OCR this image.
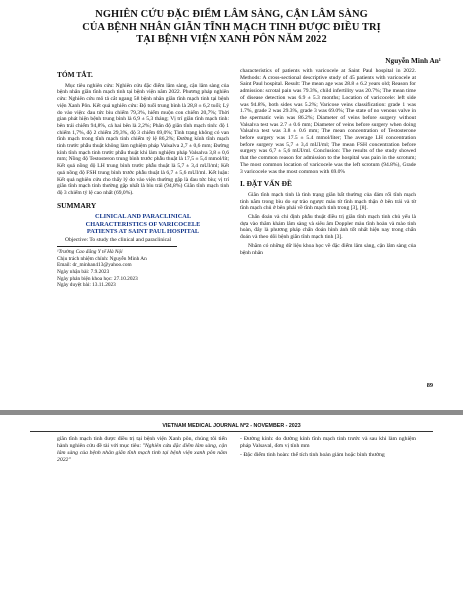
NGHIÊN CỨU ĐẶC ĐIỂM LÂM SÀNG, CẬN LÂM SÀNG
CỦA BỆNH NHÂN GIÃN TĨNH MẠCH TINH ĐƯỢC ĐIỀU TRỊ
TẠI BỆNH VIỆN XANH PÔN NĂM 2022
Nguyễn Minh An¹
TÓM TẮT.

Mục tiêu nghiên cứu: Nghiên cứu đặc điểm lâm sàng, cận lâm sàng của bệnh nhân giãn tĩnh mạch tinh tại bệnh viện năm 2022. Phương pháp nghiên cứu: Nghiên cứu mô tả cắt ngang 58 bệnh nhân giãn tĩnh mạch tinh tại bệnh viện Xanh Pôn. Kết quả nghiên cứu: Độ tuổi trung bình là 28,8 ± 6,2 tuổi; Lý do vào viện: đau tức bìu chiếm 79,3%, hiếm muộn con chiếm 20,7%; Thời gian phát hiện bệnh trung bình là 6,9 ± 5,3 tháng; Vị trí giãn tĩnh mạch tinh: bên trái chiếm 94,8%, cả hai bên là 2,2%; Phân độ giãn tĩnh mạch tinh: độ 1 chiếm 1,7%, độ 2 chiếm 29,3%, độ 3 chiếm 69,0%; Tình trạng không có van tĩnh mạch trong tĩnh mạch tinh chiếm tỷ lệ 86,2%; Đường kính tĩnh mạch tinh trước phẫu thuật không làm nghiệm pháp Valsalva 2,7 ± 0,6 mm; Đường kính tĩnh mạch tinh trước phẫu thuật khi làm nghiệm pháp Valsalva 3,8 ± 0,6 mm; Nồng độ Testosteron trung bình trước phẫu thuật là 17,5 ± 5,4 mmol/lít; Kết quả nồng độ LH trung bình trước phẫu thuật là 5,7 ± 3,4 mUI/ml; Kết quả nồng độ FSH trung bình trước phẫu thuật là 6,7 ± 5,6 mUI/ml. Kết luận: Kết quả nghiên cứu cho thấy lý do vào viện thường gặp là đau tức bìu; vị trí giãn tĩnh mạch tinh thường gặp nhất là bìu trái (94,8%) Giãn tĩnh mạch tinh độ 3 chiếm tỷ lệ cao nhất (69,0%).

SUMMARY
CLINICAL AND PARACLINICAL
CHARACTERISTICS OF VARICOCELE
PATIENTS AT SAINT PAUL HOSPITAL

Objective: To study the clinical and paraclinical

¹Trường Cao đẳng Y tế Hà Nội
Chịu trách nhiệm chính: Nguyễn Minh An
Email: dr_minhan413@yahoo.com
Ngày nhận bài: 7.9.2023
Ngày phản biện khoa học: 27.10.2023
Ngày duyệt bài: 13.11.2023

characteristics of patients with varicocele at Saint Paul hospital in 2022. Methods: A cross-sectional descriptive study of 45 patients with varicocele at Saint Paul hospital. Result: The mean age was 28.8 ± 6.2 years old; Reason for admission: scrotal pain was 79.3%, child infertility was 20.7%; The mean time of disease detection was 6.9 ± 5.3 months; Location of varicocele: left side was 94.8%, both sides was 5.2%; Varicose veins classification: grade 1 was 1.7%, grade 2 was 29.3%, grade 3 was 69.0%; The state of no venous valve in the spermatic vein was 86.2%; Diameter of veins before surgery without Valsalva test was 2.7 ± 0.6 mm; Diameter of veins before surgery when doing Valsalva test was 3.8 ± 0.6 mm; The mean concentration of Testosterone before surgery was 17.5 ± 5.4 mmol/liter; The average LH concentration before surgery was 5,7 ± 3,4 mUI/ml; The mean FSH concentration before surgery was 6,7 ± 5,6 mUI/ml. Conclusion: The results of the study showed that the common reason for admission to the hospital was pain in the scrotum; The most common location of varicocele was the left scrotum (94.8%), Grade 3 varicocele was the most common with 69.0%

I. ĐẶT VẤN ĐỀ

Giãn tĩnh mạch tinh là tình trạng giãn bất thường của đám rối tĩnh mạch tinh nằm trong bìu do sự trào ngược máu từ tĩnh mạch thận ở bên trái và từ tĩnh mạch chủ ở bên phải về tĩnh mạch tinh trong [3], [8].

Chẩn đoán và chỉ định phẫu thuật điều trị giãn tĩnh mạch tinh chủ yếu là dựa vào thăm khám lâm sàng và siêu âm Doppler màu tĩnh hoàn và mào tinh hoàn, đây là phương pháp chẩn đoán hình ảnh tốt nhất hiện nay trong chẩn đoán và theo dõi bệnh giãn tĩnh mạch tinh [3].

Nhằm có những dữ liệu khoa học về đặc điểm lâm sàng, cận lâm sàng của bệnh nhân

89
VIETNAM MEDICAL JOURNAL Nº2 - NOVEMBER - 2023
giãn tĩnh mạch tinh được điều trị tại bệnh viện Xanh pôn, chúng tôi tiến hành nghiên cứu đề tài với mục tiêu: "Nghiên cứu đặc điểm lâm sàng, cận lâm sàng của bệnh nhân giãn tĩnh mạch tinh tại bệnh viện xanh pôn năm 2022"

- Đường kính: do đường kính tĩnh mạch tinh trước và sau khi làm nghiệm pháp Valsaval, đơn vị tính mm

- Đặc điểm tinh hoàn: thể tích tinh hoàn giảm hoặc bình thường
